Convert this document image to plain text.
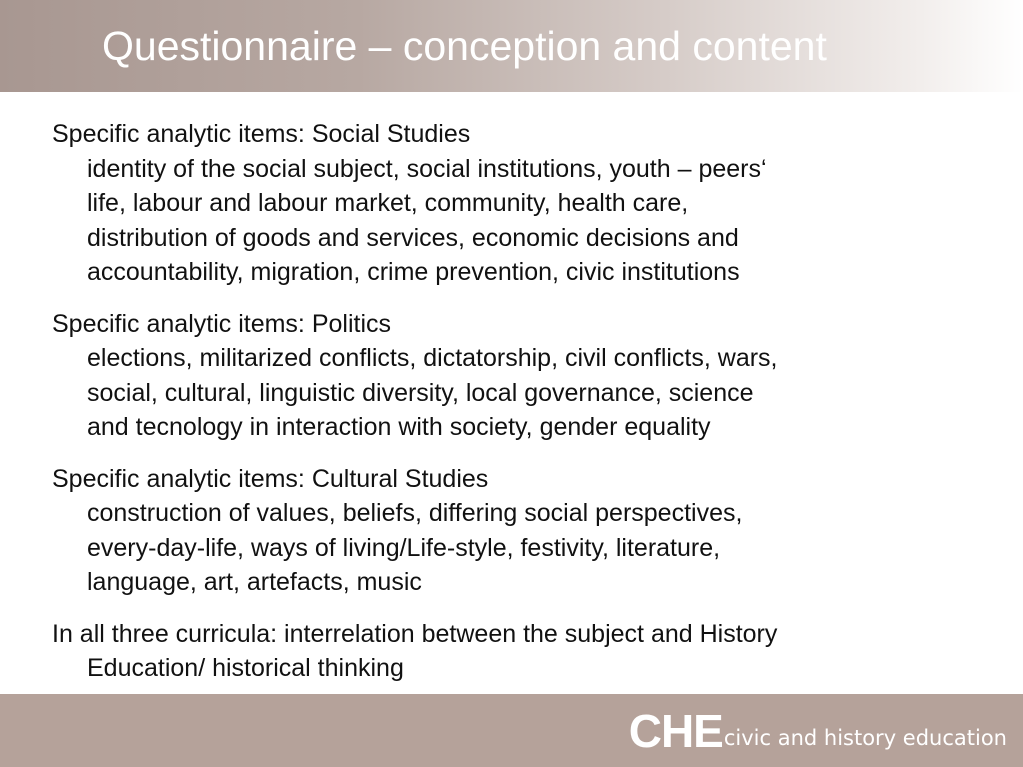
Questionnaire – conception and content
Specific analytic items: Social Studies
identity of the social subject, social institutions, youth – peers‘
life, labour and labour market, community, health care,
distribution of goods and services, economic decisions and
accountability, migration, crime prevention, civic institutions
Specific analytic items: Politics
elections, militarized conflicts, dictatorship, civil conflicts, wars,
social, cultural, linguistic diversity, local governance, science
and tecnology in interaction with society, gender equality
Specific analytic items: Cultural Studies
construction of values, beliefs, differing social perspectives,
every-day-life, ways of living/Life-style, festivity, literature,
language, art, artefacts, music
In all three curricula: interrelation between the subject and History
Education/ historical thinking
CHE civic and history education
